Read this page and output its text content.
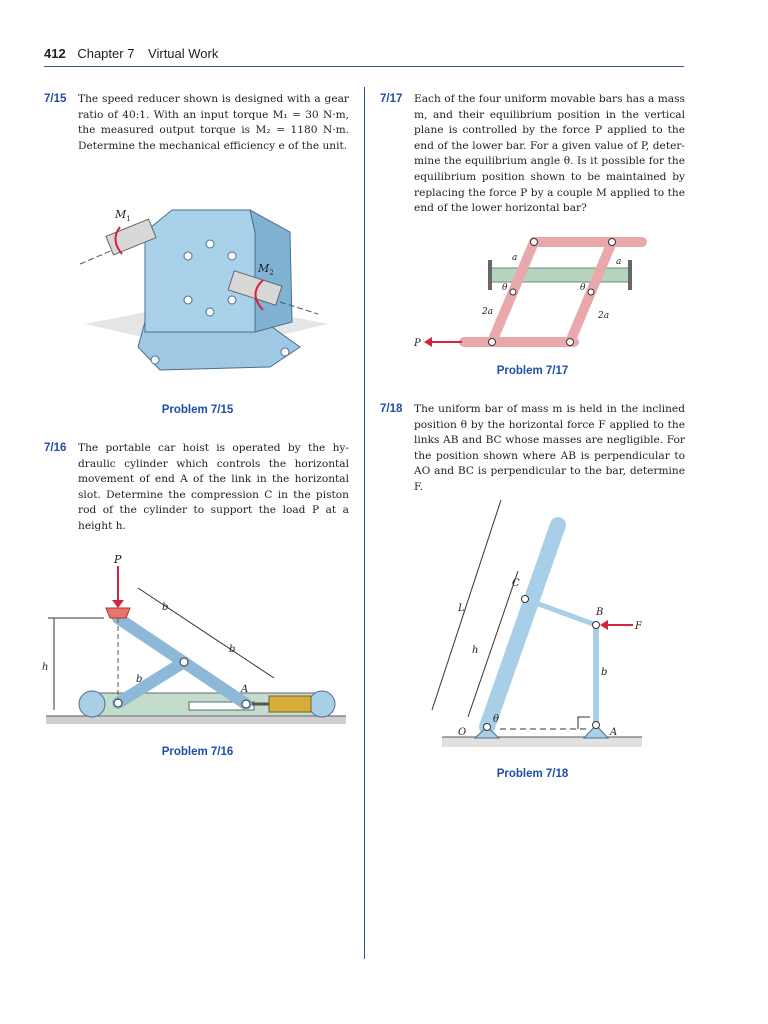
412 Chapter 7 Virtual Work
7/15 The speed reducer shown is designed with a gear ratio of 40:1. With an input torque M₁ = 30 N·m, the measured output torque is M₂ = 1180 N·m. Determine the mechanical efficiency e of the unit.
$M_1$
$M_2$
Problem 7/15
7/16 The portable car hoist is operated by the hy- draulic cylinder which controls the horizontal movement of end A of the link in the horizontal slot. Determine the compression C in the piston rod of the cylinder to support the load P at a height h.
P
h
b
b
b
A
Problem 7/16
7/17 Each of the four uniform movable bars has a mass m, and their equilibrium position in the vertical plane is controlled by the force P applied to the end of the lower bar. For a given value of P, deter- mine the equilibrium angle θ. Is it possible for the equilibrium position shown to be maintained by replacing the force P by a couple M applied to the end of the lower horizontal bar?
P
a	a
θ	θ
2a	2a
Problem 7/17
7/18 The uniform bar of mass m is held in the inclined position θ by the horizontal force F applied to the links AB and BC whose masses are negligible. For the position shown where AB is perpendicular to AO and BC is perpendicular to the bar, determine F.
L
h
C
B
F
b
θ
O	A
Problem 7/18
